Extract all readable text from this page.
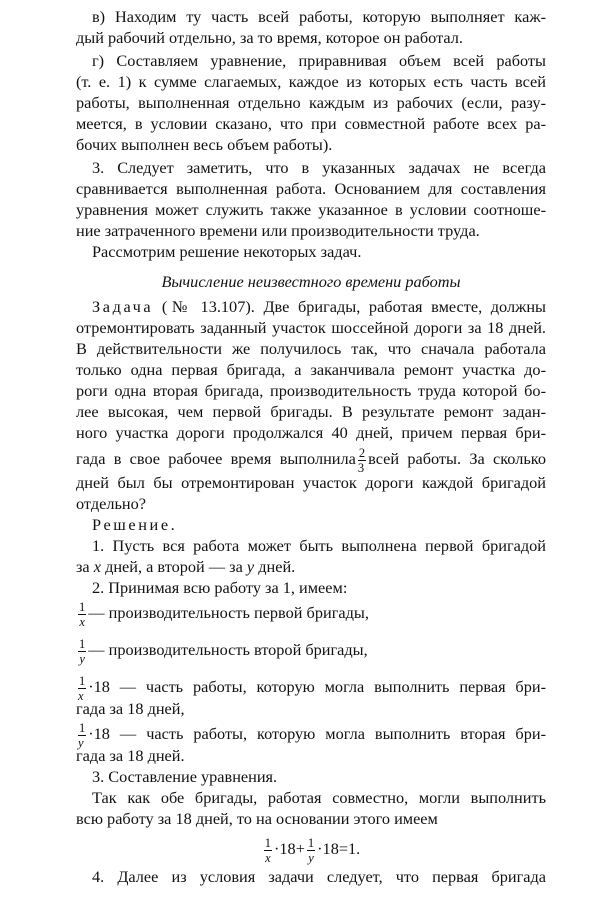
в) Находим ту часть всей работы, которую выполняет каж-
дый рабочий отдельно, за то время, которое он работал.
г) Составляем уравнение, приравнивая объем всей работы
(т. е. 1) к сумме слагаемых, каждое из которых есть часть всей
работы, выполненная отдельно каждым из рабочих (если, разу-
меется, в условии сказано, что при совместной работе всех ра-
бочих выполнен весь объем работы).
3. Следует заметить, что в указанных задачах не всегда
сравнивается выполненная работа. Основанием для составления
уравнения может служить также указанное в условии соотноше-
ние затраченного времени или производительности труда.
Рассмотрим решение некоторых задач.
Вычисление неизвестного времени работы
Задача (№ 13.107). Две бригады, работая вместе, должны
отремонтировать заданный участок шоссейной дороги за 18 дней.
В действительности же получилось так, что сначала работала
только одна первая бригада, а заканчивала ремонт участка до-
роги одна вторая бригада, производительность труда которой бо-
лее высокая, чем первой бригады. В результате ремонт задан-
ного участка дороги продолжался 40 дней, причем первая бри-
гада в свое рабочее время выполнила $\frac{2}{3}$ всей работы. За сколько
дней был бы отремонтирован участок дороги каждой бригадой
отдельно?
Решение.
1. Пусть вся работа может быть выполнена первой бригадой
за x дней, а второй — за y дней.
2. Принимая всю работу за 1, имеем:
$\frac{1}{x}$ — производительность первой бригады,
$\frac{1}{y}$ — производительность второй бригады,
$\frac{1}{x} \cdot 18$ — часть работы, которую могла выполнить первая бри-
гада за 18 дней,
$\frac{1}{y} \cdot 18$ — часть работы, которую могла выполнить вторая бри-
гада за 18 дней.
3. Составление уравнения.
Так как обе бригады, работая совместно, могли выполнить
всю работу за 18 дней, то на основании этого имеем
$\frac{1}{x} \cdot 18+ \frac{1}{y} \cdot 18=1$.
4. Далее из условия задачи следует, что первая бригада
